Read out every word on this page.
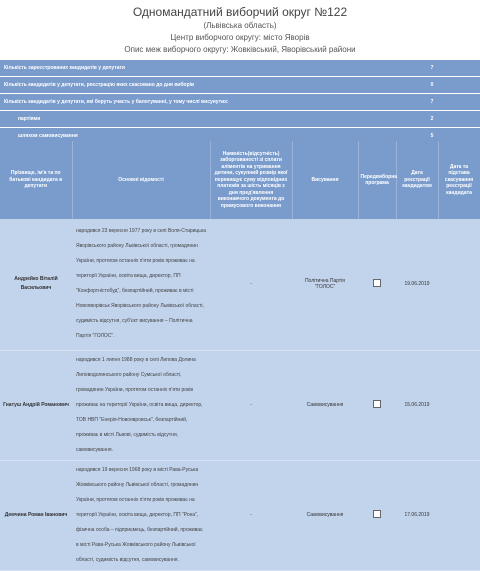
Одномандатний виборчий округ №122
(Львівська область)
Центр виборчого округу: місто Яворів
Опис меж виборчого округу: Жовківський, Яворівський райони
Кількість зареєстрованих кандидатів у депутати	7
Кількість кандидатів у депутати, реєстрацію яких скасовано до дня виборів	0
Кількість кандидатів у депутати, які беруть участь у балотуванні, у тому числі висунутих:	7
партіями	2
шляхом самовисування	5
Прізвище, ім'я та по батькові кандидата в депутати	Основні відомості	Наявність(відсутність) заборгованості зі сплати аліментів на утримання дитини, сукупний розмір якої перевищує суму відповідних платежів за шість місяців з дня пред'явлення виконавчого документа до примусового виконання	Висування	Передвиборна програма	Дата реєстрації кандидатом	Дата та підстава скасування реєстрації кандидата
Андрейко Віталій Васильович	народився 23 вересня 1977 року в селі Воля-Старицька Яворівського району Львівської області, громадянин України, протягом останніх п'яти років проживає на території України, освіта вища, директор, ПП "Конфортністобуд", безпартійний, проживає в місті Новояворівськ Яворівського району Львівської області, судимість відсутня, суб'єкт висування – Політична Партія "ГОЛОС".	-	Політична Партія "ГОЛОС"		19.06.2019	
Гнатуш Андрій Романович	народився 1 липня 1988 року в селі Липова Долина Липоводолинського району Сумської області, громадянин України, протягом останніх п'яти років проживає на території України, освіта вища, директор, ТОВ НВП "Енерія-Новоявровськ", безпартійний, проживає в місті Львові, судимість відсутня, самовисування.	-	Самовисування		15.06.2019	
Демчина Роман Іванович	народився 19 вересня 1968 року в місті Рава-Руська Жовківського району Львівської області, громадянин України, протягом останніх п'яти років проживає на території України, освіта вища, директор, ПП "Рона", фізична особа – підприємець, безпартійний, проживає в місті Рава-Руська Жовківського району Львівської області, судимість відсутня, самовисування.	-	Самовисування		17.06.2019	
